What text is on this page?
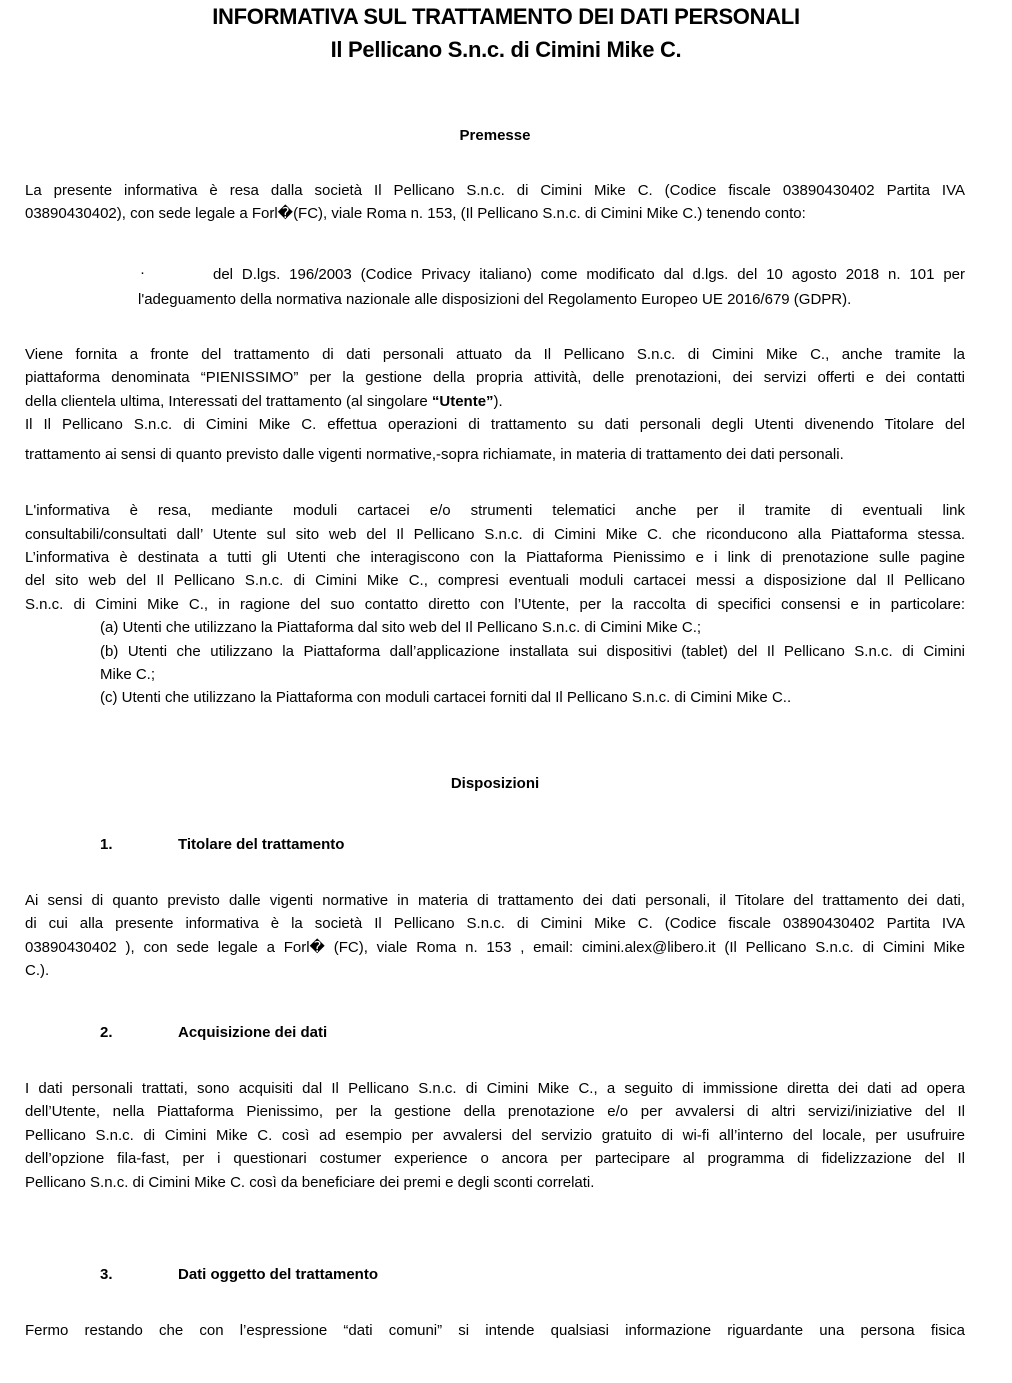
INFORMATIVA SUL TRATTAMENTO DEI DATI PERSONALI
Il Pellicano S.n.c. di Cimini Mike C.
Premesse
La presente informativa è resa dalla società Il Pellicano S.n.c. di Cimini Mike C. (Codice fiscale 03890430402 Partita IVA
03890430402), con sede legale a Forl�(FC), viale Roma n. 153, (Il Pellicano S.n.c. di Cimini Mike C.) tenendo conto:
·	del D.lgs. 196/2003 (Codice Privacy italiano) come modificato dal d.lgs. del 10 agosto 2018 n. 101 per
l'adeguamento della normativa nazionale alle disposizioni del Regolamento Europeo UE 2016/679 (GDPR).
Viene fornita a fronte del trattamento di dati personali attuato da Il Pellicano S.n.c. di Cimini Mike C., anche tramite la
piattaforma denominata “PIENISSIMO” per la gestione della propria attività, delle prenotazioni, dei servizi offerti e dei contatti
della clientela ultima, Interessati del trattamento (al singolare “Utente”).
Il Il Pellicano S.n.c. di Cimini Mike C. effettua operazioni di trattamento su dati personali degli Utenti divenendo Titolare del
trattamento ai sensi di quanto previsto dalle vigenti normative,-sopra richiamate, in materia di trattamento dei dati personali.
L'informativa è resa, mediante moduli cartacei e/o strumenti telematici anche per il tramite di eventuali link
consultabili/consultati dall’ Utente sul sito web del Il Pellicano S.n.c. di Cimini Mike C. che riconducono alla Piattaforma stessa.
L’informativa è destinata a tutti gli Utenti che interagiscono con la Piattaforma Pienissimo e i link di prenotazione sulle pagine
del sito web del Il Pellicano S.n.c. di Cimini Mike C., compresi eventuali moduli cartacei messi a disposizione dal Il Pellicano
S.n.c. di Cimini Mike C., in ragione del suo contatto diretto con l’Utente, per la raccolta di specifici consensi e in particolare:
(a) Utenti che utilizzano la Piattaforma dal sito web del Il Pellicano S.n.c. di Cimini Mike C.;
(b) Utenti che utilizzano la Piattaforma dall’applicazione installata sui dispositivi (tablet) del Il Pellicano S.n.c. di Cimini
Mike C.;
(c) Utenti che utilizzano la Piattaforma con moduli cartacei forniti dal Il Pellicano S.n.c. di Cimini Mike C..
Disposizioni
1.	Titolare del trattamento
Ai sensi di quanto previsto dalle vigenti normative in materia di trattamento dei dati personali, il Titolare del trattamento dei dati,
di cui alla presente informativa è la società Il Pellicano S.n.c. di Cimini Mike C. (Codice fiscale 03890430402 Partita IVA
03890430402 ), con sede legale a Forl� (FC), viale Roma n. 153 , email: cimini.alex@libero.it (Il Pellicano S.n.c. di Cimini Mike
C.).
2.	Acquisizione dei dati
I dati personali trattati, sono acquisiti dal Il Pellicano S.n.c. di Cimini Mike C., a seguito di immissione diretta dei dati ad opera
dell’Utente, nella Piattaforma Pienissimo, per la gestione della prenotazione e/o per avvalersi di altri servizi/iniziative del Il
Pellicano S.n.c. di Cimini Mike C. così ad esempio per avvalersi del servizio gratuito di wi-fi all’interno del locale, per usufruire
dell’opzione fila-fast, per i questionari costumer experience o ancora per partecipare al programma di fidelizzazione del Il
Pellicano S.n.c. di Cimini Mike C. così da beneficiare dei premi e degli sconti correlati.
3.	Dati oggetto del trattamento
Fermo restando che con l’espressione “dati comuni” si intende qualsiasi informazione riguardante una persona fisica
